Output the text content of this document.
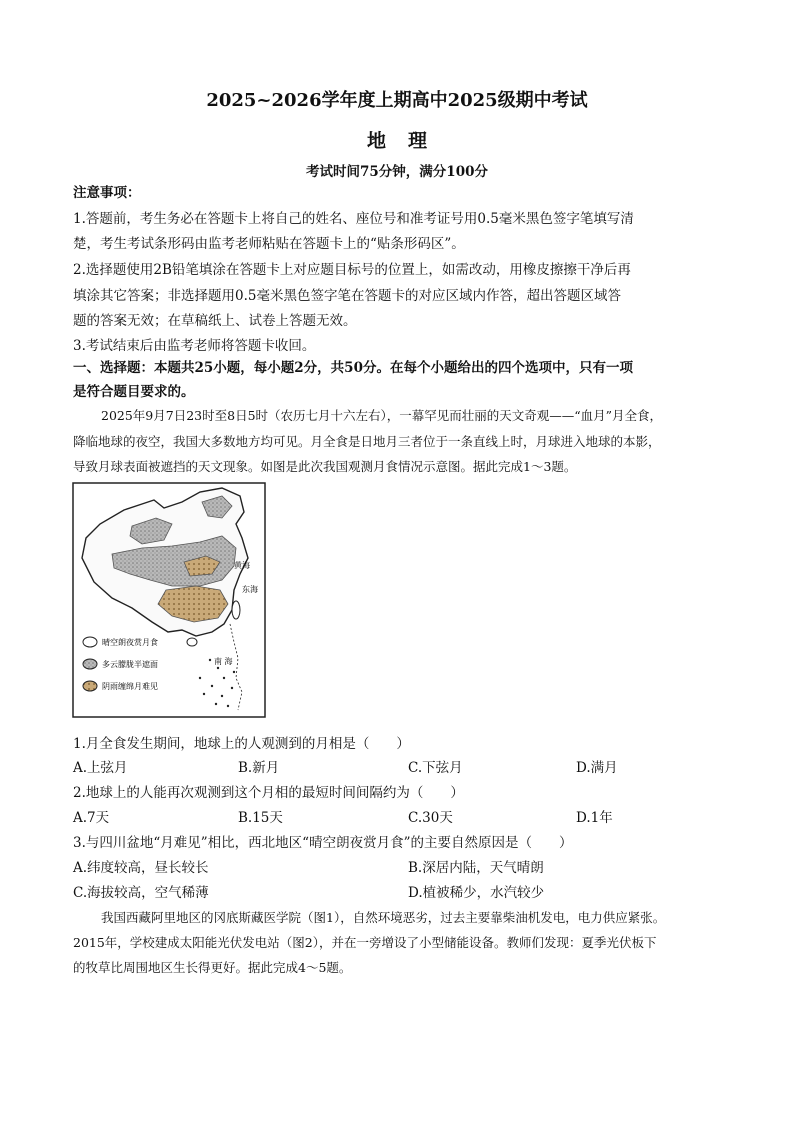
2025~2026学年度上期高中2025级期中考试
地理
考试时间75分钟，满分100分
注意事项：
1.答题前，考生务必在答题卡上将自己的姓名、座位号和准考证号用0.5毫米黑色签字笔填写清
楚，考生考试条形码由监考老师粘贴在答题卡上的“贴条形码区”。
2.选择题使用2B铅笔填涂在答题卡上对应题目标号的位置上，如需改动，用橡皮擦擦干净后再
填涂其它答案；非选择题用0.5毫米黑色签字笔在答题卡的对应区域内作答，超出答题区域答
题的答案无效；在草稿纸上、试卷上答题无效。
3.考试结束后由监考老师将答题卡收回。
一、选择题：本题共25小题，每小题2分，共50分。在每个小题给出的四个选项中，只有一项
是符合题目要求的。
2025年9月7日23时至8日5时（农历七月十六左右），一幕罕见而壮丽的天文奇观——“血月”月全食，
降临地球的夜空，我国大多数地方均可见。月全食是日地月三者位于一条直线上时，月球进入地球的本影，
导致月球表面被遮挡的天文现象。如图是此次我国观测月食情况示意图。据此完成1～3题。
黄海
东海
南 海
晴空朗夜赏月食
多云朦胧半遮面
阴雨缠绵月难见
1.月全食发生期间，地球上的人观测到的月相是（　　）
A.上弦月	B.新月	C.下弦月	D.满月
2.地球上的人能再次观测到这个月相的最短时间间隔约为（　　）
A.7天	B.15天	C.30天	D.1年
3.与四川盆地“月难见”相比，西北地区“晴空朗夜赏月食”的主要自然原因是（　　）
A.纬度较高，昼长较长	B.深居内陆，天气晴朗
C.海拔较高，空气稀薄	D.植被稀少，水汽较少
我国西藏阿里地区的冈底斯藏医学院（图1），自然环境恶劣，过去主要靠柴油机发电，电力供应紧张。
2015年，学校建成太阳能光伏发电站（图2），并在一旁增设了小型储能设备。教师们发现：夏季光伏板下
的牧草比周围地区生长得更好。据此完成4～5题。
